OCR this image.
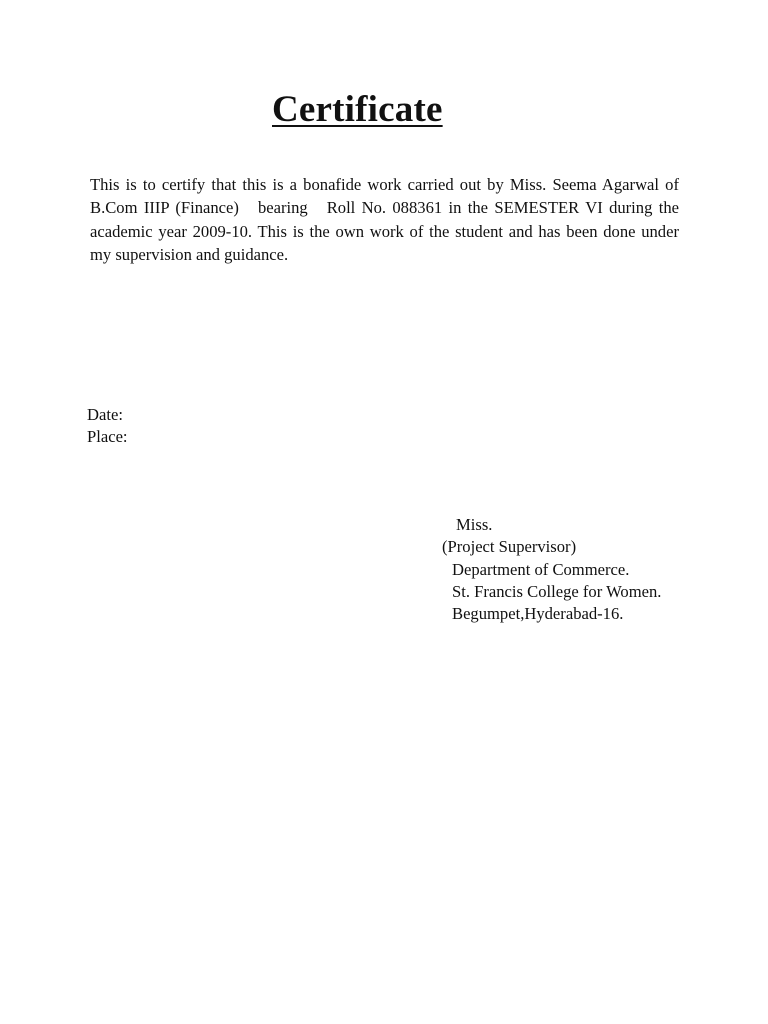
Certificate

This is to certify that this is a bonafide work carried out by Miss. Seema Agarwal of B.Com IIIP (Finance)   bearing   Roll No. 088361 in the SEMESTER VI during the academic year 2009-10. This is the own work of the student and has been done under my supervision and guidance.

Date:

Place:

Miss.

(Project Supervisor)

Department of Commerce.

St. Francis College for Women.

Begumpet,Hyderabad-16.
